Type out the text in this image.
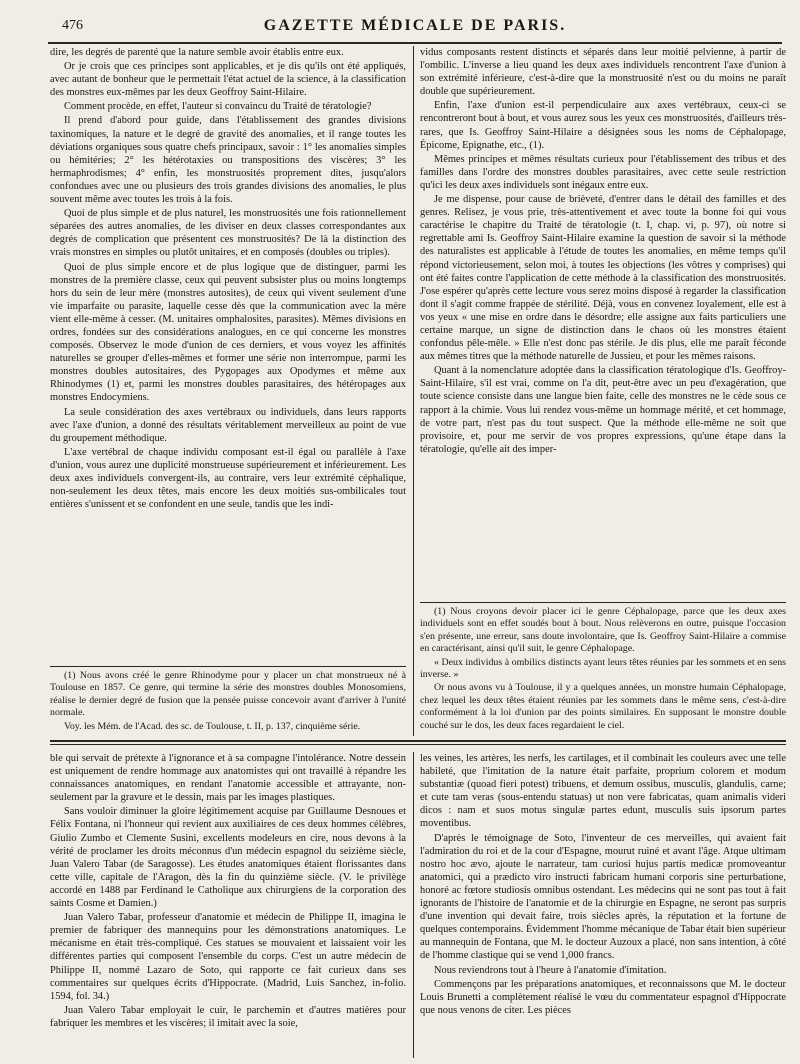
476	GAZETTE MÉDICALE DE PARIS.

dire, les degrés de parenté que la nature semble avoir établis entre eux.

Or je crois que ces principes sont applicables, et je dis qu'ils ont été appliqués, avec autant de bonheur que le permettait l'état actuel de la science, à la classification des monstres eux-mêmes par les deux Geoffroy Saint-Hilaire.

Comment procède, en effet, l'auteur si convaincu du Traité de tératologie?

Il prend d'abord pour guide, dans l'établissement des grandes divisions taxinomiques, la nature et le degré de gravité des anomalies, et il range toutes les déviations organiques sous quatre chefs principaux, savoir : 1° les anomalies simples ou hémitéries; 2° les hétérotaxies ou transpositions des viscères; 3° les hermaphrodismes; 4° enfin, les monstruosités proprement dites, jusqu'alors confondues avec une ou plusieurs des trois grandes divisions des anomalies, le plus souvent même avec toutes les trois à la fois.

Quoi de plus simple et de plus naturel, les monstruosités une fois rationnellement séparées des autres anomalies, de les diviser en deux classes correspondantes aux degrés de complication que présentent ces monstruosités? De là la distinction des vrais monstres en simples ou plutôt unitaires, et en composés (doubles ou triples).

Quoi de plus simple encore et de plus logique que de distinguer, parmi les monstres de la première classe, ceux qui peuvent subsister plus ou moins longtemps hors du sein de leur mère (monstres autosites), de ceux qui vivent seulement d'une vie imparfaite ou parasite, laquelle cesse dès que la communication avec la mère vient elle-même à cesser. (M. unitaires omphalosites, parasites). Mêmes divisions en ordres, fondées sur des considérations analogues, en ce qui concerne les monstres composés. Observez le mode d'union de ces derniers, et vous voyez les affinités naturelles se grouper d'elles-mêmes et former une série non interrompue, parmi les monstres doubles autositaires, des Pygopages aux Opodymes et même aux Rhinodymes (1) et, parmi les monstres doubles parasitaires, des hétéropages aux monstres Endocymiens.

La seule considération des axes vertébraux ou individuels, dans leurs rapports avec l'axe d'union, a donné des résultats véritablement merveilleux au point de vue du groupement méthodique.

L'axe vertébral de chaque individu composant est-il égal ou parallèle à l'axe d'union, vous aurez une duplicité monstrueuse supérieurement et inférieurement. Les deux axes individuels convergent-ils, au contraire, vers leur extrémité céphalique, non-seulement les deux têtes, mais encore les deux moitiés sus-ombilicales tout entières s'unissent et se confondent en une seule, tandis que les indi-

vidus composants restent distincts et séparés dans leur moitié pelvienne, à partir de l'ombilic. L'inverse a lieu quand les deux axes individuels rencontrent l'axe d'union à son extrémité inférieure, c'est-à-dire que la monstruosité n'est ou du moins ne paraît double que supérieurement.

Enfin, l'axe d'union est-il perpendiculaire aux axes vertébraux, ceux-ci se rencontreront bout à bout, et vous aurez sous les yeux ces monstruosités, d'ailleurs très-rares, que Is. Geoffroy Saint-Hilaire a désignées sous les noms de Céphalopage, Épicome, Epignathe, etc., (1).

Mêmes principes et mêmes résultats curieux pour l'établissement des tribus et des familles dans l'ordre des monstres doubles parasitaires, avec cette seule restriction qu'ici les deux axes individuels sont inégaux entre eux.

Je me dispense, pour cause de brièveté, d'entrer dans le détail des familles et des genres. Relisez, je vous prie, très-attentivement et avec toute la bonne foi qui vous caractérise le chapitre du Traité de tératologie (t. I, chap. vi, p. 97), où notre si regrettable ami Is. Geoffroy Saint-Hilaire examine la question de savoir si la méthode des naturalistes est applicable à l'étude de toutes les anomalies, en même temps qu'il répond victorieusement, selon moi, à toutes les objections (les vôtres y comprises) qui ont été faites contre l'application de cette méthode à la classification des monstruosités. J'ose espérer qu'après cette lecture vous serez moins disposé à regarder la classification dont il s'agit comme frappée de stérilité. Déjà, vous en convenez loyalement, elle est à vos yeux « une mise en ordre dans le désordre; elle assigne aux faits particuliers une certaine marque, un signe de distinction dans le chaos où les monstres étaient confondus pêle-mêle. » Elle n'est donc pas stérile. Je dis plus, elle me paraît féconde aux mêmes titres que la méthode naturelle de Jussieu, et pour les mêmes raisons.

Quant à la nomenclature adoptée dans la classification tératologique d'Is. Geoffroy-Saint-Hilaire, s'il est vrai, comme on l'a dit, peut-être avec un peu d'exagération, que toute science consiste dans une langue bien faite, celle des monstres ne le cède sous ce rapport à la chimie. Vous lui rendez vous-même un hommage mérité, et cet hommage, de votre part, n'est pas du tout suspect. Que la méthode elle-même ne soit que provisoire, et, pour me servir de vos propres expressions, qu'une étape dans la tératologie, qu'elle ait des imper-

(1) Nous avons créé le genre Rhinodyme pour y placer un chat monstrueux né à Toulouse en 1857. Ce genre, qui termine la série des monstres doubles Monosomiens, réalise le dernier degré de fusion que la pensée puisse concevoir avant d'arriver à l'unité normale.

Voy. les Mém. de l'Acad. des sc. de Toulouse, t. II, p. 137, cinquième série.

(1) Nous croyons devoir placer ici le genre Céphalopage, parce que les deux axes individuels sont en effet soudés bout à bout. Nous relèverons en outre, puisque l'occasion s'en présente, une erreur, sans doute involontaire, que Is. Geoffroy Saint-Hilaire a commise en caractérisant, ainsi qu'il suit, le genre Céphalopage.

« Deux individus à ombilics distincts ayant leurs têtes réunies par les sommets et en sens inverse. »

Or nous avons vu à Toulouse, il y a quelques années, un monstre humain Céphalopage, chez lequel les deux têtes étaient réunies par les sommets dans le même sens, c'est-à-dire conformément à la loi d'union par des points similaires. En supposant le monstre double couché sur le dos, les deux faces regardaient le ciel.

ble qui servait de prétexte à l'ignorance et à sa compagne l'intolérance. Notre dessein est uniquement de rendre hommage aux anatomistes qui ont travaillé à répandre les connaissances anatomiques, en rendant l'anatomie accessible et attrayante, non-seulement par la gravure et le dessin, mais par les images plastiques.

Sans vouloir diminuer la gloire légitimement acquise par Guillaume Desnoues et Félix Fontana, ni l'honneur qui revient aux auxiliaires de ces deux hommes célèbres, Giulio Zumbo et Clemente Susini, excellents modeleurs en cire, nous devons à la vérité de proclamer les droits méconnus d'un médecin espagnol du seizième siècle, Juan Valero Tabar (de Saragosse). Les études anatomiques étaient florissantes dans cette ville, capitale de l'Aragon, dès la fin du quinzième siècle. (V. le privilège accordé en 1488 par Ferdinand le Catholique aux chirurgiens de la corporation des saints Cosme et Damien.)

Juan Valero Tabar, professeur d'anatomie et médecin de Philippe II, imagina le premier de fabriquer des mannequins pour les démonstrations anatomiques. Le mécanisme en était très-compliqué. Ces statues se mouvaient et laissaient voir les différentes parties qui composent l'ensemble du corps. C'est un autre médecin de Philippe II, nommé Lazaro de Soto, qui rapporte ce fait curieux dans ses commentaires sur quelques écrits d'Hippocrate. (Madrid, Luis Sanchez, in-folio. 1594, fol. 34.)

Juan Valero Tabar employait le cuir, le parchemin et d'autres matières pour fabriquer les membres et les viscères; il imitait avec la soie,

les veines, les artères, les nerfs, les cartilages, et il combinait les couleurs avec une telle habileté, que l'imitation de la nature était parfaite, proprium colorem et modum substantiæ (quoad fieri potest) tribuens, et demum ossibus, musculis, glandulis, carne; et cute tam veras (sous-entendu statuas) ut non vere fabricatas, quam animalis videri dicos : nam et suos motus singulæ partes edunt, musculis suis ipsorum partes moventibus.

D'après le témoignage de Soto, l'inventeur de ces merveilles, qui avaient fait l'admiration du roi et de la cour d'Espagne, mourut ruiné et avant l'âge. Atque ultimam nostro hoc ævo, ajoute le narrateur, tam curiosi hujus partis medicæ promoveantur anatomici, qui a prædicto viro instructi fabricam humani corporis sine perturbatione, honoré ac fœtore studiosis omnibus ostendant. Les médecins qui ne sont pas tout à fait ignorants de l'histoire de l'anatomie et de la chirurgie en Espagne, ne seront pas surpris d'une invention qui devait faire, trois siècles après, la réputation et la fortune de quelques contemporains. Évidemment l'homme mécanique de Tabar était bien supérieur au mannequin de Fontana, que M. le docteur Auzoux a placé, non sans intention, à côté de l'homme clastique qui se vend 1,000 francs.

Nous reviendrons tout à l'heure à l'anatomie d'imitation.

Commençons par les préparations anatomiques, et reconnaissons que M. le docteur Louis Brunetti a complètement réalisé le vœu du commentateur espagnol d'Hippocrate que nous venons de citer. Les pièces
